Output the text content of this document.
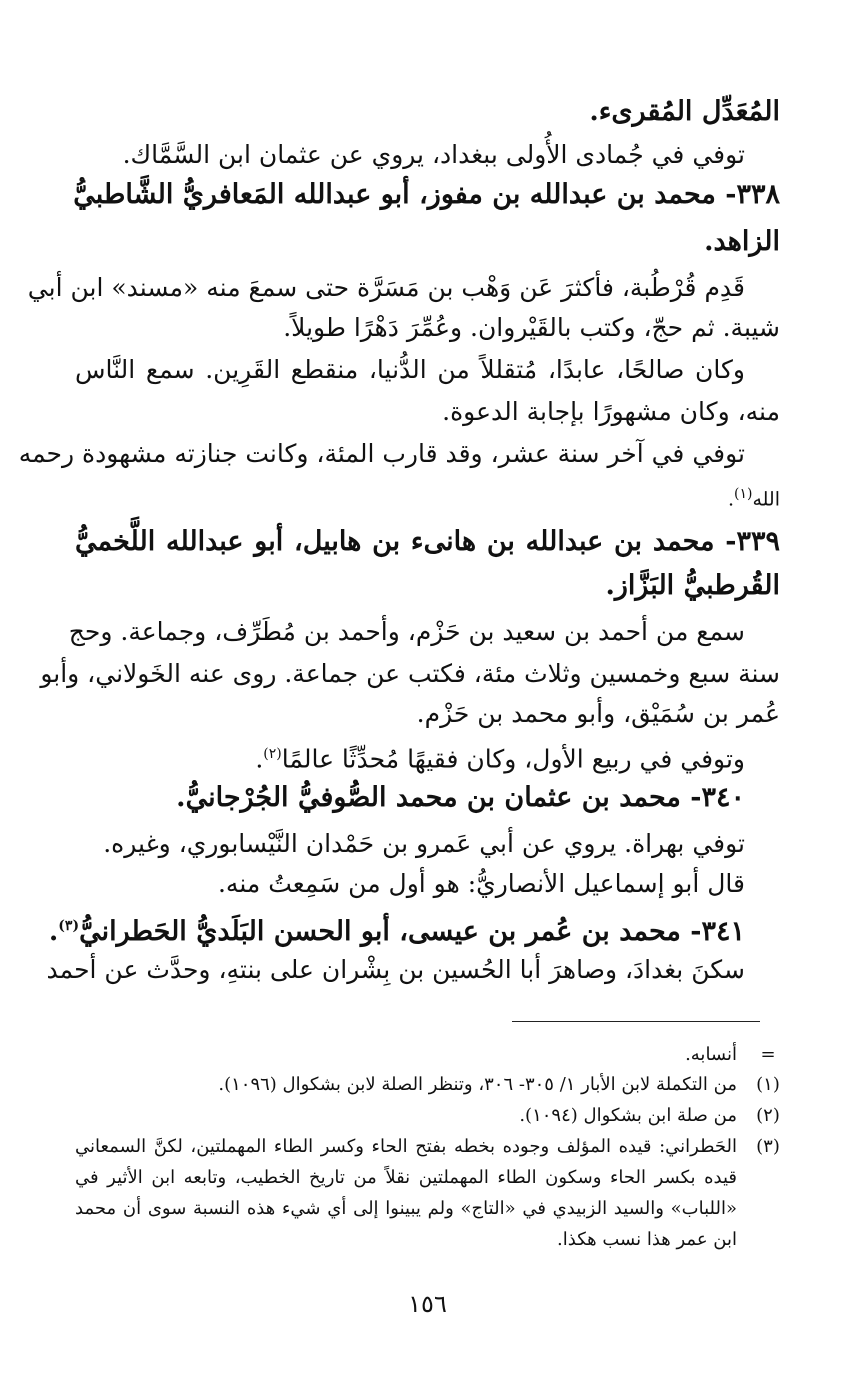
المُعَدِّل المُقرىء.
توفي في جُمادى الأُولى ببغداد، يروي عن عثمان ابن السَّمَّاك.
٣٣٨- محمد بن عبدالله بن مفوز، أبو عبدالله المَعافريُّ الشَّاطبيُّ
الزاهد.
قَدِم قُرْطُبة، فأكثرَ عَن وَهْب بن مَسَرَّة حتى سمعَ منه «مسند» ابن أبي
شيبة. ثم حجّ، وكتب بالقَيْروان. وعُمِّرَ دَهْرًا طويلاً.
وكان صالحًا، عابدًا، مُتقللاً من الدُّنيا، منقطع القَرِين. سمع النَّاس
منه، وكان مشهورًا بإجابة الدعوة.
توفي في آخر سنة عشر، وقد قارب المئة، وكانت جنازته مشهودة رحمه
الله$^{(١)}$.
٣٣٩- محمد بن عبدالله بن هانىء بن هابيل، أبو عبدالله اللَّخميُّ
القُرطبيُّ البَزَّاز.
سمع من أحمد بن سعيد بن حَزْم، وأحمد بن مُطَرِّف، وجماعة. وحج
سنة سبع وخمسين وثلاث مئة، فكتب عن جماعة. روى عنه الخَولاني، وأبو
عُمر بن سُمَيْق، وأبو محمد بن حَزْم.
وتوفي في ربيع الأول، وكان فقيهًا مُحدِّثًا عالمًا$^{(٢)}$.
٣٤٠- محمد بن عثمان بن محمد الصُّوفيُّ الجُرْجانيُّ.
توفي بهراة. يروي عن أبي عَمرو بن حَمْدان النَّيْسابوري، وغيره.
قال أبو إسماعيل الأنصاريُّ: هو أول من سَمِعتُ منه.
٣٤١- محمد بن عُمر بن عيسى، أبو الحسن البَلَديُّ الحَطرانيُّ$^{(٣)}$.
سكنَ بغدادَ، وصاهرَ أبا الحُسين بن بِشْران على بنتهِ، وحدَّث عن أحمد
=
أنسابه.
(١)
من التكملة لابن الأبار ١/ ٣٠٥- ٣٠٦، وتنظر الصلة لابن بشكوال (١٠٩٦).
(٢)
من صلة ابن بشكوال (١٠٩٤).
(٣)
الحَطراني: قيده المؤلف وجوده بخطه بفتح الحاء وكسر الطاء المهملتين، لكنَّ السمعاني
قيده بكسر الحاء وسكون الطاء المهملتين نقلاً من تاريخ الخطيب، وتابعه ابن الأثير في
«اللباب» والسيد الزبيدي في «التاج» ولم يبينوا إلى أي شيء هذه النسبة سوى أن محمد
ابن عمر هذا نسب هكذا.
١٥٦
